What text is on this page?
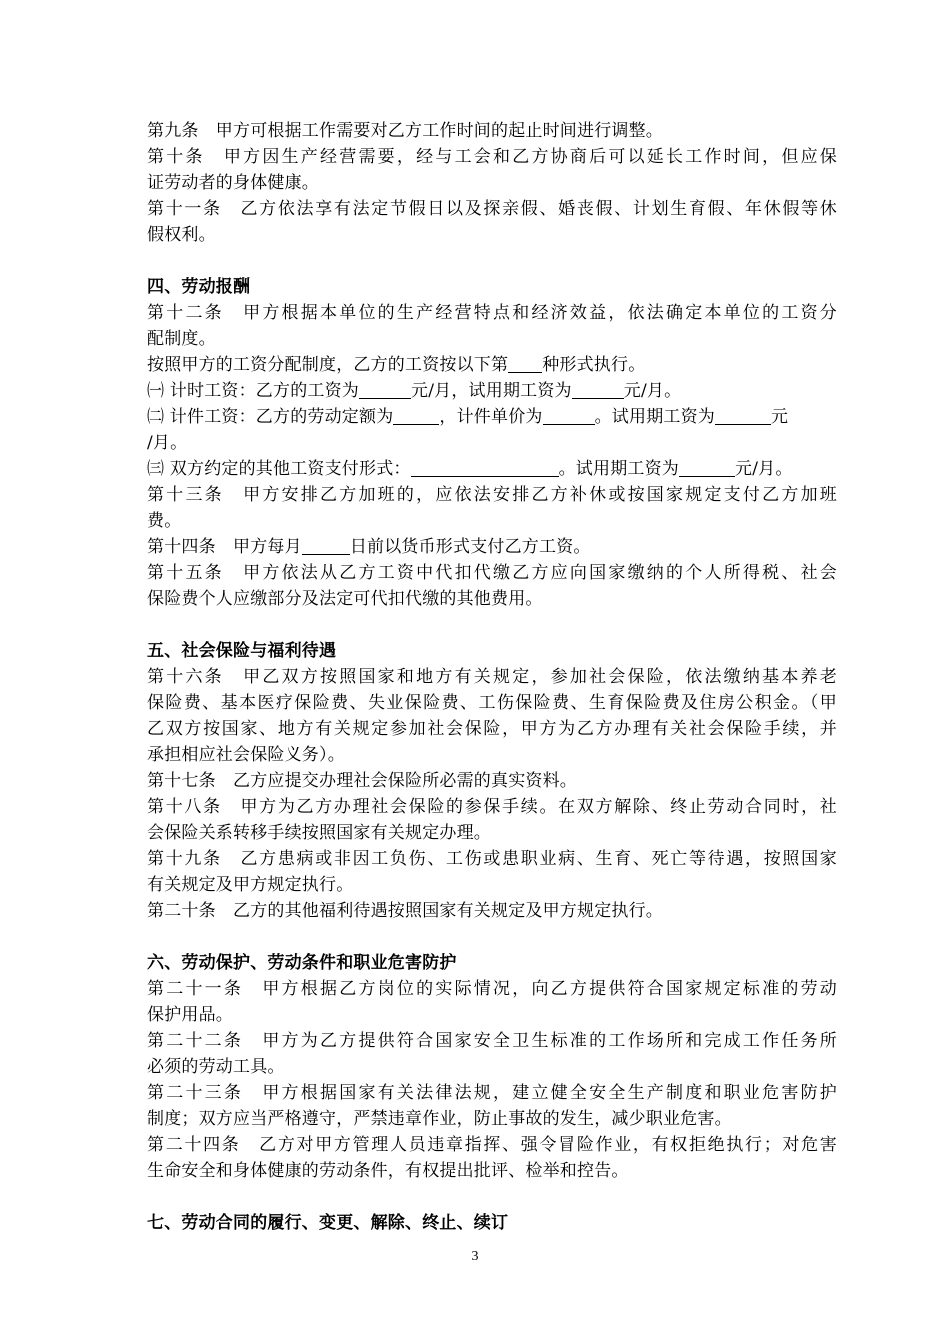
第九条　甲方可根据工作需要对乙方工作时间的起止时间进行调整。
第十条　甲方因生产经营需要，经与工会和乙方协商后可以延长工作时间，但应保
证劳动者的身体健康。
第十一条　乙方依法享有法定节假日以及探亲假、婚丧假、计划生育假、年休假等休
假权利。
四、劳动报酬
第十二条　甲方根据本单位的生产经营特点和经济效益，依法确定本单位的工资分
配制度。
按照甲方的工资分配制度，乙方的工资按以下第 种形式执行。
㈠ 计时工资：乙方的工资为	元/月，试用期工资为	元/月。
㈡ 计件工资：乙方的劳动定额为	，计件单价为	。试用期工资为	元
/月。
㈢ 双方约定的其他工资支付形式：	。试用期工资为	元/月。
第十三条　甲方安排乙方加班的，应依法安排乙方补休或按国家规定支付乙方加班
费。
第十四条　甲方每月	日前以货币形式支付乙方工资。
第十五条　甲方依法从乙方工资中代扣代缴乙方应向国家缴纳的个人所得税、社会
保险费个人应缴部分及法定可代扣代缴的其他费用。
五、社会保险与福利待遇
第十六条　甲乙双方按照国家和地方有关规定，参加社会保险，依法缴纳基本养老
保险费、基本医疗保险费、失业保险费、工伤保险费、生育保险费及住房公积金。（甲
乙双方按国家、地方有关规定参加社会保险，甲方为乙方办理有关社会保险手续，并
承担相应社会保险义务）。
第十七条　乙方应提交办理社会保险所必需的真实资料。
第十八条　甲方为乙方办理社会保险的参保手续。在双方解除、终止劳动合同时，社
会保险关系转移手续按照国家有关规定办理。
第十九条　乙方患病或非因工负伤、工伤或患职业病、生育、死亡等待遇，按照国家
有关规定及甲方规定执行。
第二十条　乙方的其他福利待遇按照国家有关规定及甲方规定执行。
六、劳动保护、劳动条件和职业危害防护
第二十一条　甲方根据乙方岗位的实际情况，向乙方提供符合国家规定标准的劳动
保护用品。
第二十二条　甲方为乙方提供符合国家安全卫生标准的工作场所和完成工作任务所
必须的劳动工具。
第二十三条　甲方根据国家有关法律法规，建立健全安全生产制度和职业危害防护
制度；双方应当严格遵守，严禁违章作业，防止事故的发生，减少职业危害。
第二十四条　乙方对甲方管理人员违章指挥、强令冒险作业，有权拒绝执行；对危害
生命安全和身体健康的劳动条件，有权提出批评、检举和控告。
七、劳动合同的履行、变更、解除、终止、续订
3
